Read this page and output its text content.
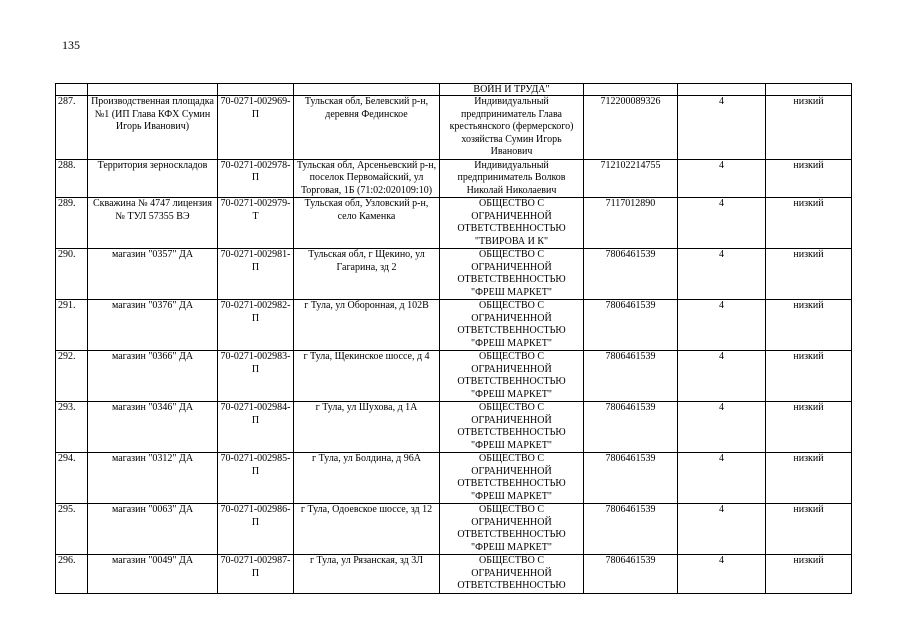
135
				ВОЙН И ТРУДА"			
287.	Производственная площадка №1 (ИП Глава КФХ Сумин Игорь Иванович)	70-0271-002969-П	Тульская обл, Белевский р-н, деревня Фединское	Индивидуальный предприниматель Глава крестьянского (фермерского) хозяйства Сумин Игорь Иванович	712200089326	4	низкий
288.	Территория зерноскладов	70-0271-002978-П	Тульская обл, Арсеньевский р-н, поселок Первомайский, ул Торговая, 1Б (71:02:020109:10)	Индивидуальный предприниматель Волков Николай Николаевич	712102214755	4	низкий
289.	Скважина № 4747 лицензия № ТУЛ 57355 ВЭ	70-0271-002979-Т	Тульская обл, Узловский р-н, село Каменка	ОБЩЕСТВО С ОГРАНИЧЕННОЙ ОТВЕТСТВЕННОСТЬЮ "ТВИРОВА И К"	7117012890	4	низкий
290.	магазин "0357" ДА	70-0271-002981-П	Тульская обл, г Щекино, ул Гагарина, зд 2	ОБЩЕСТВО С ОГРАНИЧЕННОЙ ОТВЕТСТВЕННОСТЬЮ "ФРЕШ МАРКЕТ"	7806461539	4	низкий
291.	магазин "0376" ДА	70-0271-002982-П	г Тула, ул Оборонная, д 102В	ОБЩЕСТВО С ОГРАНИЧЕННОЙ ОТВЕТСТВЕННОСТЬЮ "ФРЕШ МАРКЕТ"	7806461539	4	низкий
292.	магазин "0366" ДА	70-0271-002983-П	г Тула, Щекинское шоссе, д 4	ОБЩЕСТВО С ОГРАНИЧЕННОЙ ОТВЕТСТВЕННОСТЬЮ "ФРЕШ МАРКЕТ"	7806461539	4	низкий
293.	магазин "0346" ДА	70-0271-002984-П	г Тула, ул Шухова, д 1А	ОБЩЕСТВО С ОГРАНИЧЕННОЙ ОТВЕТСТВЕННОСТЬЮ "ФРЕШ МАРКЕТ"	7806461539	4	низкий
294.	магазин "0312" ДА	70-0271-002985-П	г Тула, ул Болдина, д 96А	ОБЩЕСТВО С ОГРАНИЧЕННОЙ ОТВЕТСТВЕННОСТЬЮ "ФРЕШ МАРКЕТ"	7806461539	4	низкий
295.	магазин "0063" ДА	70-0271-002986-П	г Тула, Одоевское шоссе, зд 12	ОБЩЕСТВО С ОГРАНИЧЕННОЙ ОТВЕТСТВЕННОСТЬЮ "ФРЕШ МАРКЕТ"	7806461539	4	низкий
296.	магазин "0049" ДА	70-0271-002987-П	г Тула, ул Рязанская, зд 3Л	ОБЩЕСТВО С ОГРАНИЧЕННОЙ ОТВЕТСТВЕННОСТЬЮ	7806461539	4	низкий
